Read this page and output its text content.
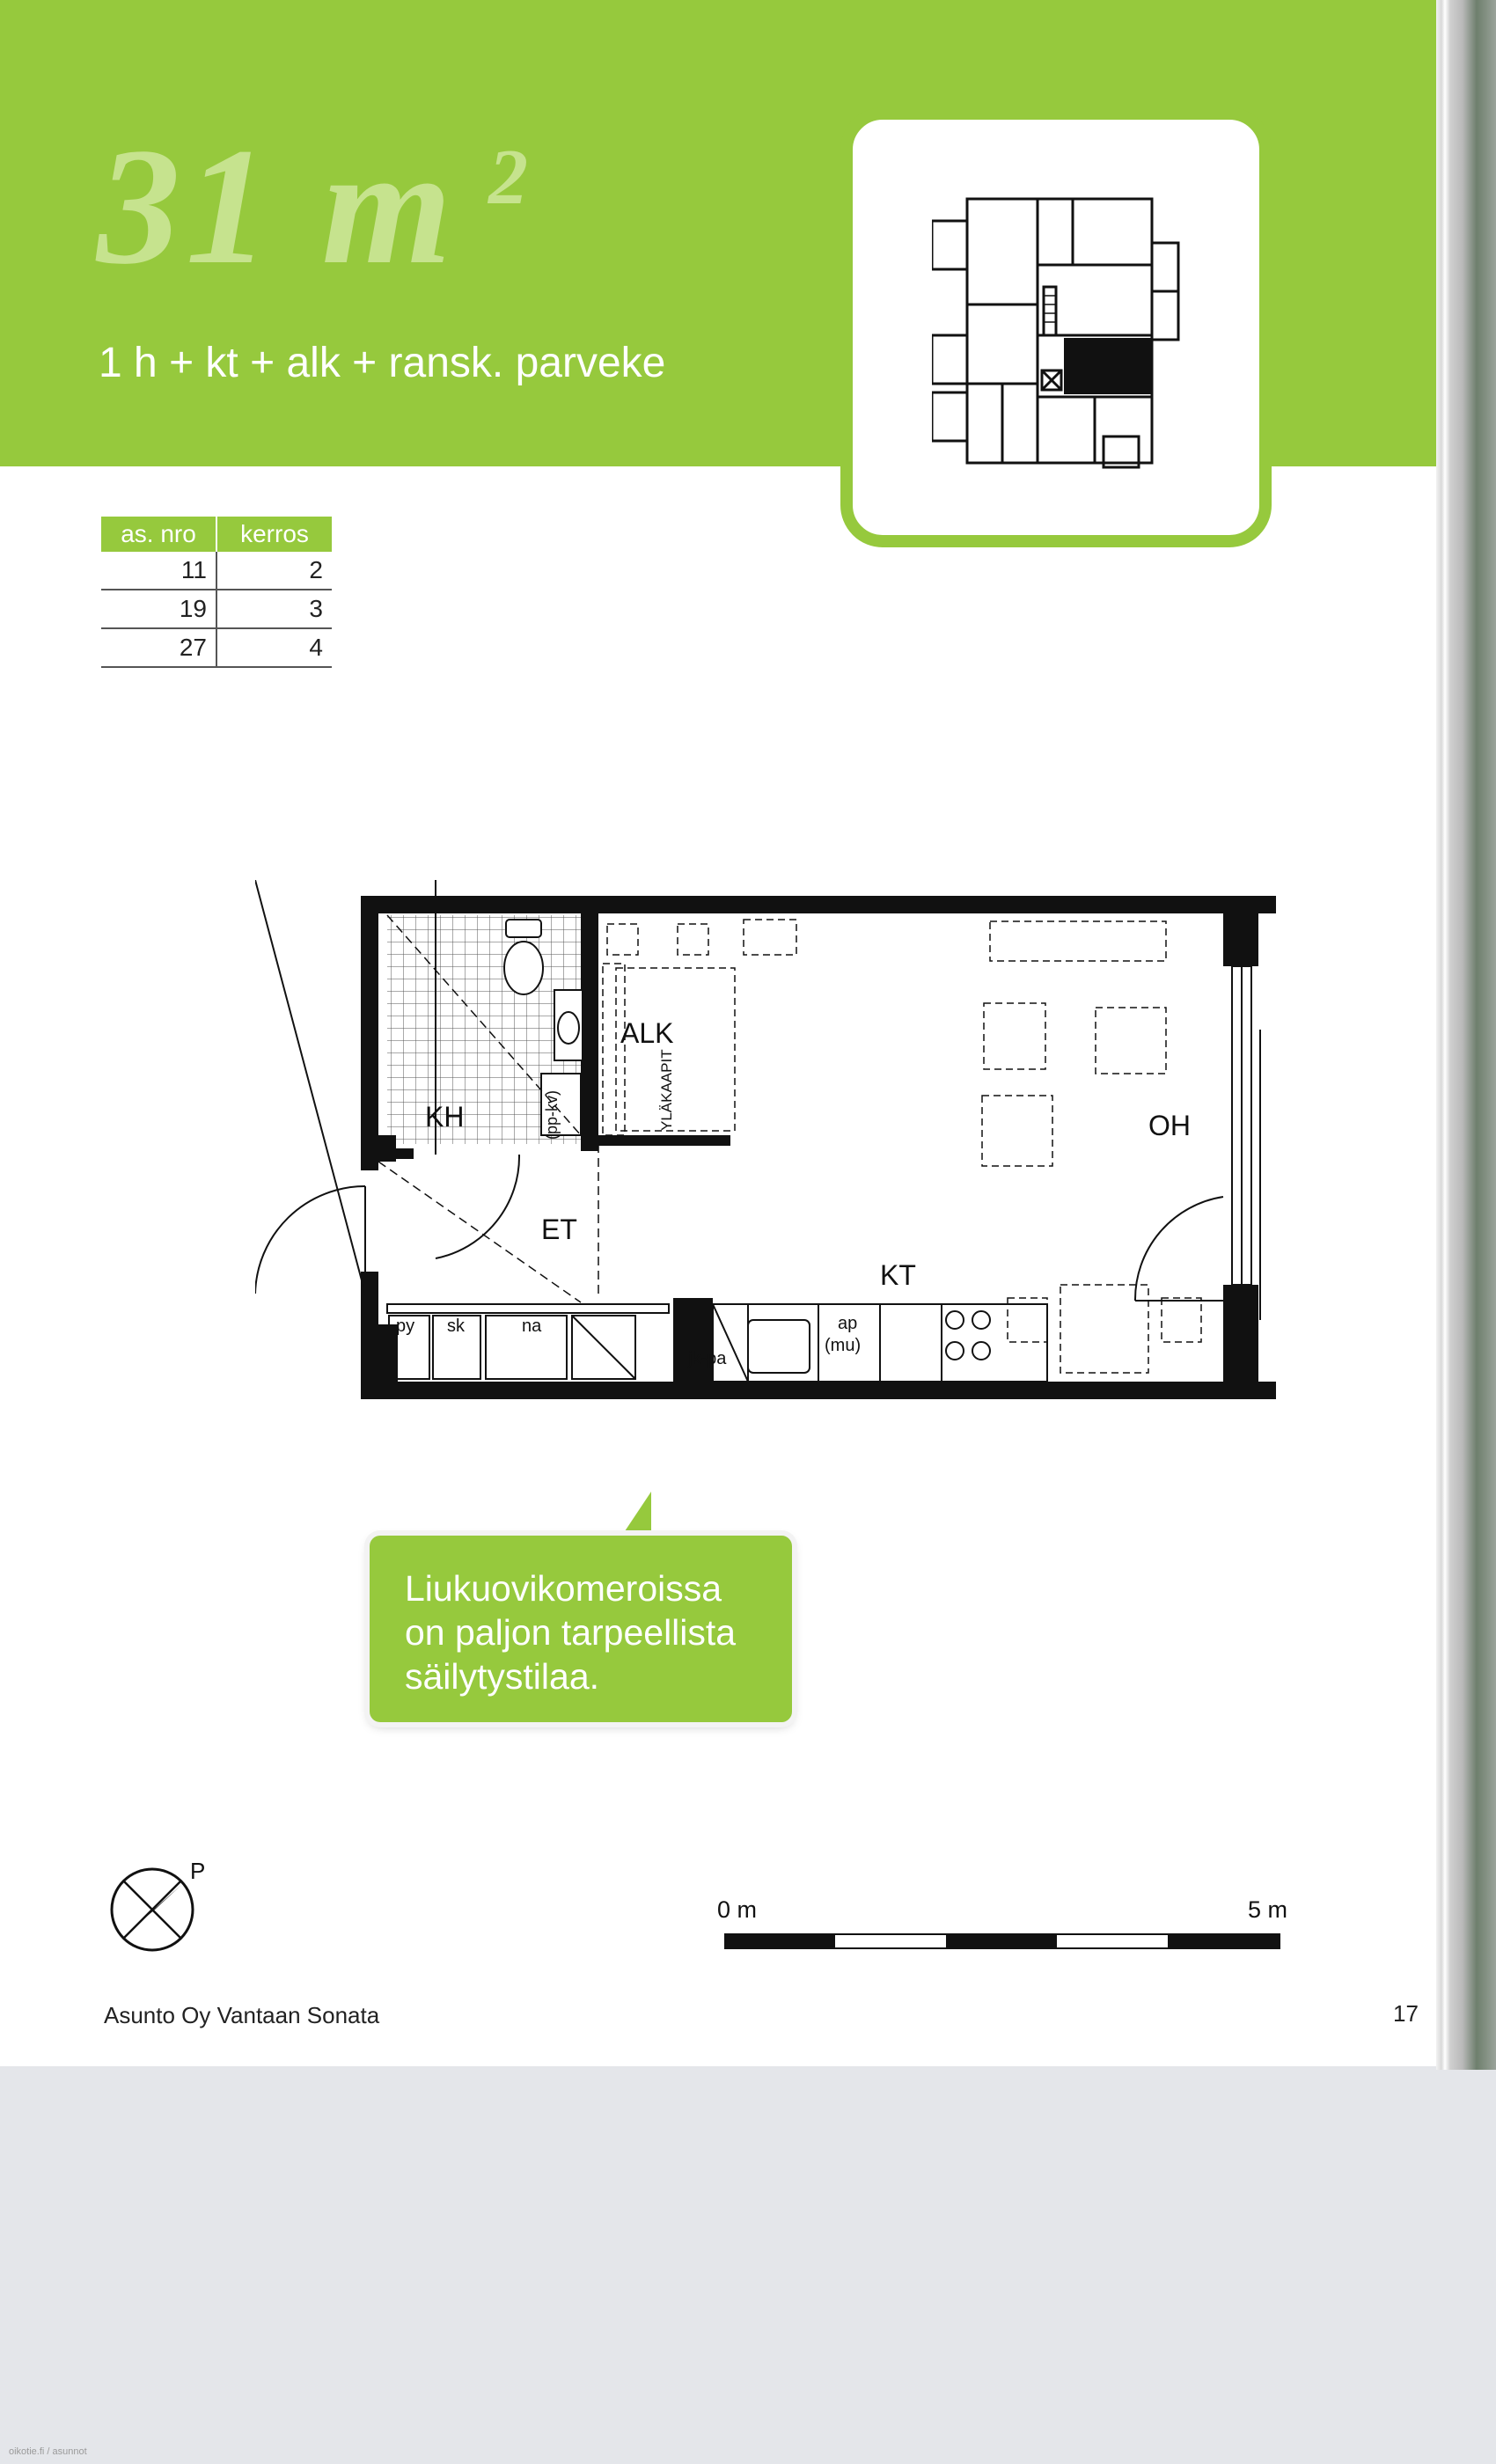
31 m 2
1 h + kt + alk + ransk. parveke
as. nro	kerros
11	2
19	3
27	4
ALK
KH
ET
KT
OH
YLÄKAAPIT
(pp-kv)
py sk	na
jk-pa
ap
(mu)
Liukuovikomeroissa
on paljon tarpeellista
säilytystilaa.
P
0 m	5 m
Asunto Oy Vantaan Sonata	17
oikotie.fi / asunnot
